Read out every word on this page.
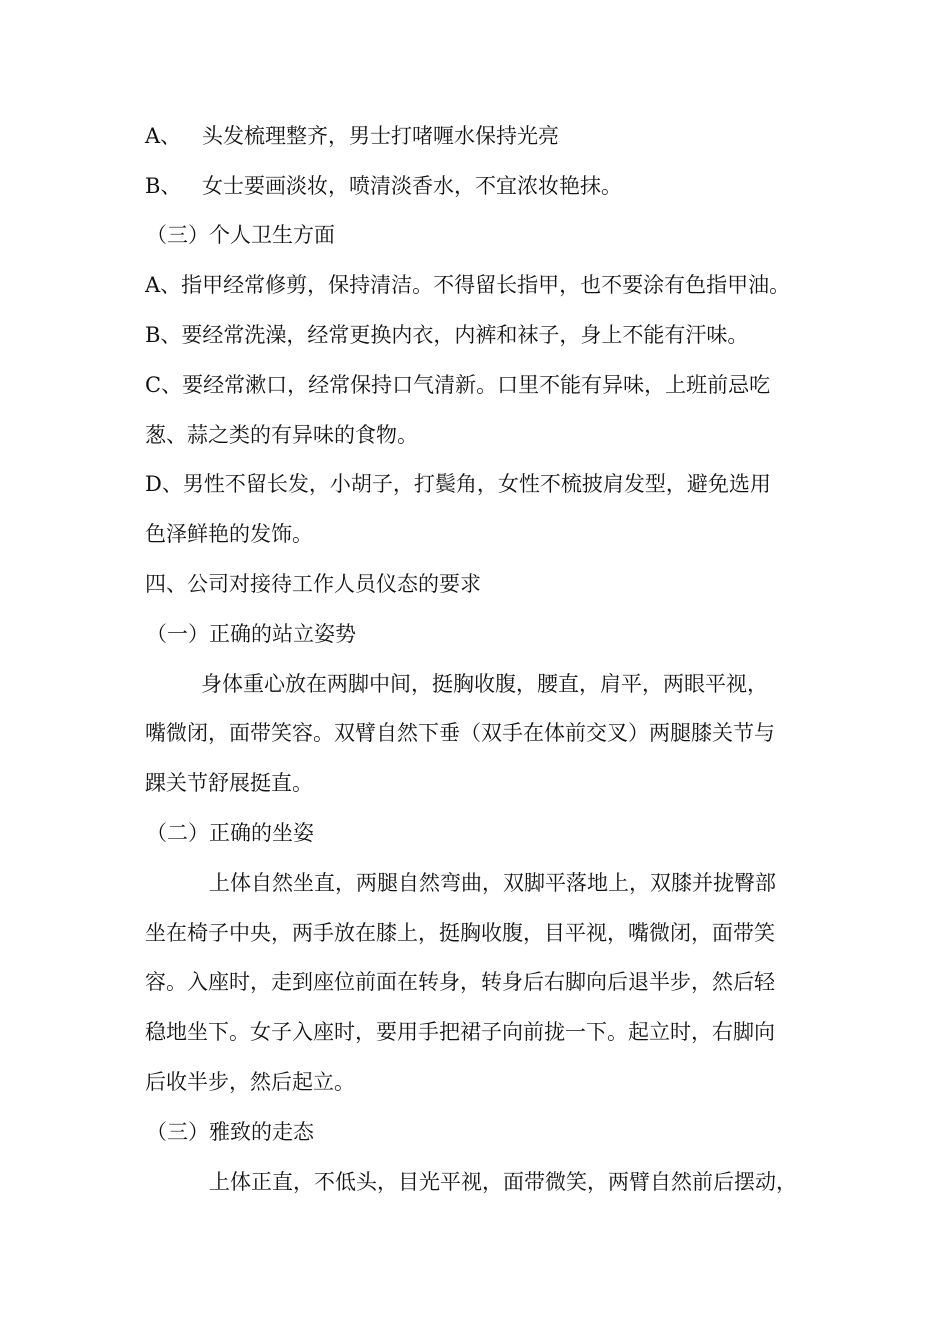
A、 头发梳理整齐，男士打啫喱水保持光亮
B、 女士要画淡妆，喷清淡香水，不宜浓妆艳抹。
（三）个人卫生方面
A、指甲经常修剪，保持清洁。不得留长指甲，也不要涂有色指甲油。
B、要经常洗澡，经常更换内衣，内裤和袜子，身上不能有汗味。
C、要经常漱口，经常保持口气清新。口里不能有异味，上班前忌吃
葱、蒜之类的有异味的食物。
D、男性不留长发，小胡子，打鬓角，女性不梳披肩发型，避免选用
色泽鲜艳的发饰。
四、公司对接待工作人员仪态的要求
（一）正确的站立姿势
身体重心放在两脚中间，挺胸收腹，腰直，肩平，两眼平视，
嘴微闭，面带笑容。双臂自然下垂（双手在体前交叉）两腿膝关节与
踝关节舒展挺直。
（二）正确的坐姿
上体自然坐直，两腿自然弯曲，双脚平落地上，双膝并拢臀部
坐在椅子中央，两手放在膝上，挺胸收腹，目平视，嘴微闭，面带笑
容。入座时，走到座位前面在转身，转身后右脚向后退半步，然后轻
稳地坐下。女子入座时，要用手把裙子向前拢一下。起立时，右脚向
后收半步，然后起立。
（三）雅致的走态
上体正直，不低头，目光平视，面带微笑，两臂自然前后摆动，
